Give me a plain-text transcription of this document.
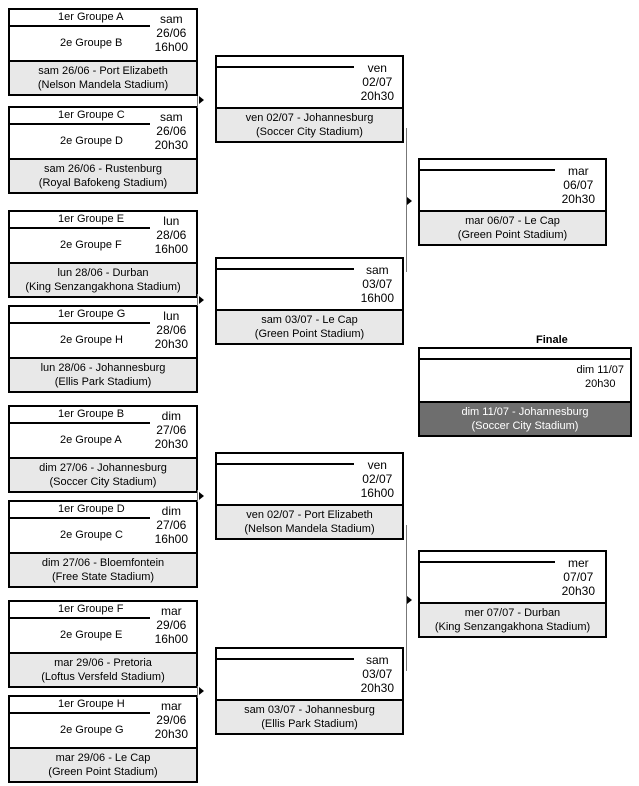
1er Groupe A
2e Groupe B
sam
26/06
16h00
sam 26/06 - Port Elizabeth
(Nelson Mandela Stadium)
1er Groupe C
2e Groupe D
sam
26/06
20h30
sam 26/06 - Rustenburg
(Royal Bafokeng Stadium)
1er Groupe E
2e Groupe F
lun
28/06
16h00
lun 28/06 - Durban
(King Senzangakhona Stadium)
1er Groupe G
2e Groupe H
lun
28/06
20h30
lun 28/06 - Johannesburg
(Ellis Park Stadium)
1er Groupe B
2e Groupe A
dim
27/06
20h30
dim 27/06 - Johannesburg
(Soccer City Stadium)
1er Groupe D
2e Groupe C
dim
27/06
16h00
dim 27/06 - Bloemfontein
(Free State Stadium)
1er Groupe F
2e Groupe E
mar
29/06
16h00
mar 29/06 - Pretoria
(Loftus Versfeld Stadium)
1er Groupe H
2e Groupe G
mar
29/06
20h30
mar 29/06 - Le Cap
(Green Point Stadium)
ven
02/07
20h30
ven 02/07 - Johannesburg
(Soccer City Stadium)
sam
03/07
16h00
sam 03/07 - Le Cap
(Green Point Stadium)
ven
02/07
16h00
ven 02/07 - Port Elizabeth
(Nelson Mandela Stadium)
sam
03/07
20h30
sam 03/07 - Johannesburg
(Ellis Park Stadium)
mar
06/07
20h30
mar 06/07 - Le Cap
(Green Point Stadium)
mer
07/07
20h30
mer 07/07 - Durban
(King Senzangakhona Stadium)
Finale
dim 11/07
20h30
dim 11/07 - Johannesburg
(Soccer City Stadium)
